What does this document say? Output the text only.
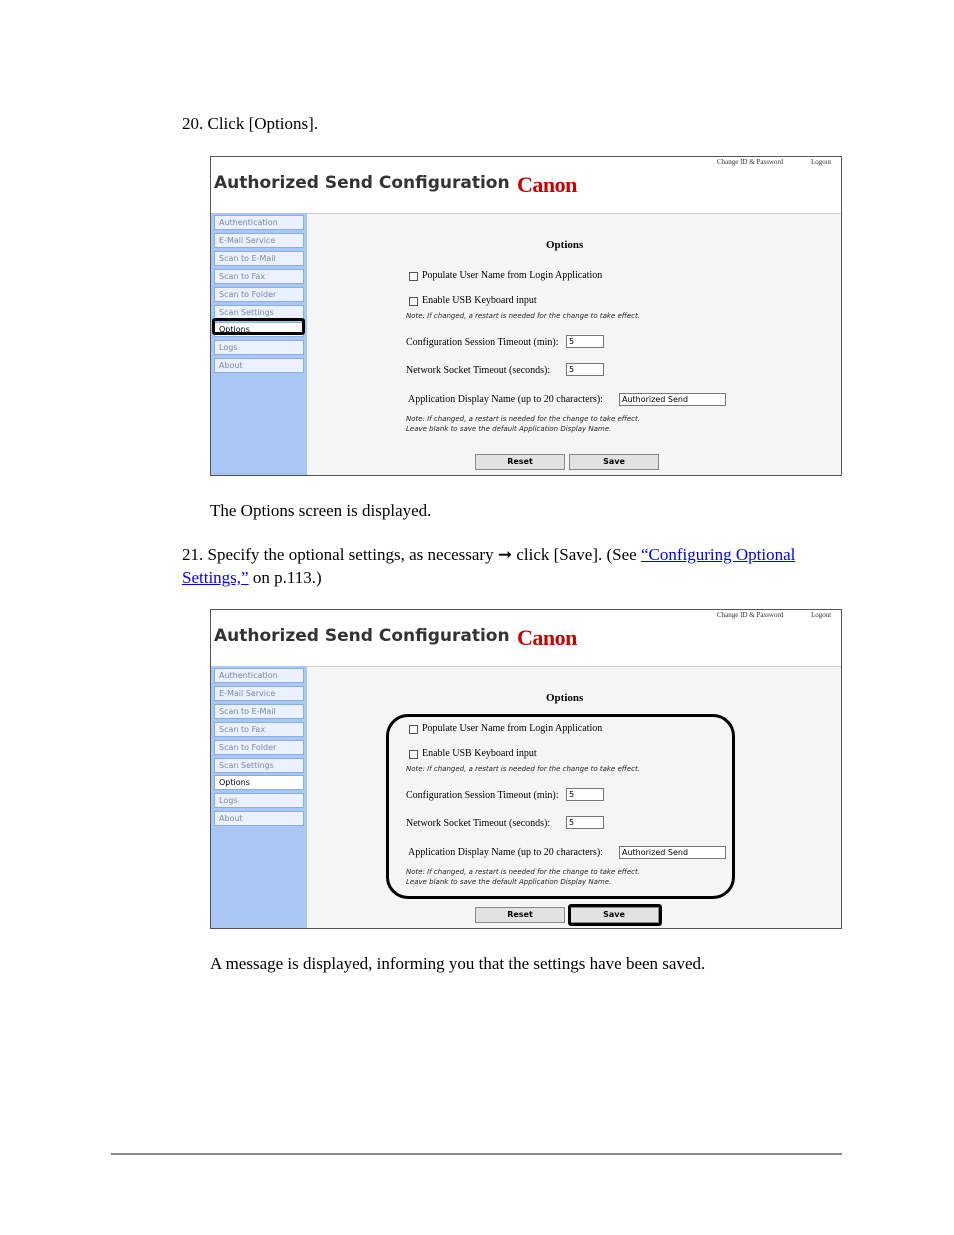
20. Click [Options].

Authorized Send Configuration Canon
Change ID & Password	Logout
Authentication
E-Mail Service
Scan to E-Mail
Scan to Fax
Scan to Folder
Scan Settings
Options
Logs
About
Options
Populate User Name from Login Application
Enable USB Keyboard input
Note: If changed, a restart is needed for the change to take effect.
Configuration Session Timeout (min):	5
Network Socket Timeout (seconds):	5
Application Display Name (up to 20 characters):	Authorized Send
Note: If changed, a restart is needed for the change to take effect.
Leave blank to save the default Application Display Name.
Reset	Save

The Options screen is displayed.

21. Specify the optional settings, as necessary ➞ click [Save]. (See “Configuring Optional Settings,” on p.113.)

Authorized Send Configuration Canon
Change ID & Password	Logout
Authentication
E-Mail Service
Scan to E-Mail
Scan to Fax
Scan to Folder
Scan Settings
Options
Logs
About
Options
Populate User Name from Login Application
Enable USB Keyboard input
Note: If changed, a restart is needed for the change to take effect.
Configuration Session Timeout (min):	5
Network Socket Timeout (seconds):	5
Application Display Name (up to 20 characters):	Authorized Send
Note: If changed, a restart is needed for the change to take effect.
Leave blank to save the default Application Display Name.
Reset	Save

A message is displayed, informing you that the settings have been saved.
